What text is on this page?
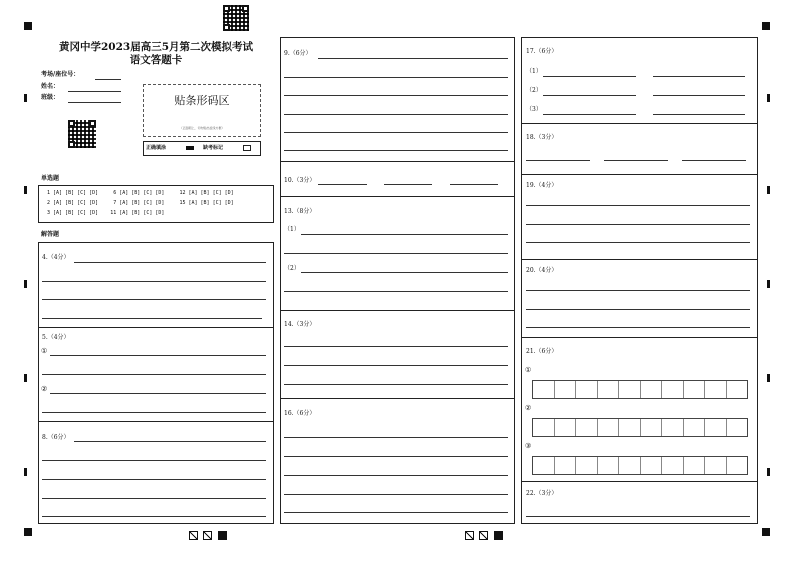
黄冈中学2023届高三5月第二次模拟考试
语文答题卡
考场/座位号：
姓名：
班级：	贴条形码区
（正面朝上，切勿贴出虚线方框）
正确填涂	缺考标记
单选题
1 [A] [B] [C] [D]     6 [A] [B] [C] [D]     12 [A] [B] [C] [D]
2 [A] [B] [C] [D]     7 [A] [B] [C] [D]     15 [A] [B] [C] [D]
3 [A] [B] [C] [D]    11 [A] [B] [C] [D]
解答题
4.（4分）
5.（4分）
①
②
8.（6分）
9.（6分）
10.（3分）
13.（8分）
（1）
（2）
14.（3分）
16.（6分）
17.（6分）
（1）
（2）
（3）
18.（3分）
19.（4分）
20.（4分）
21.（6分）
①
②
③
22.（3分）
